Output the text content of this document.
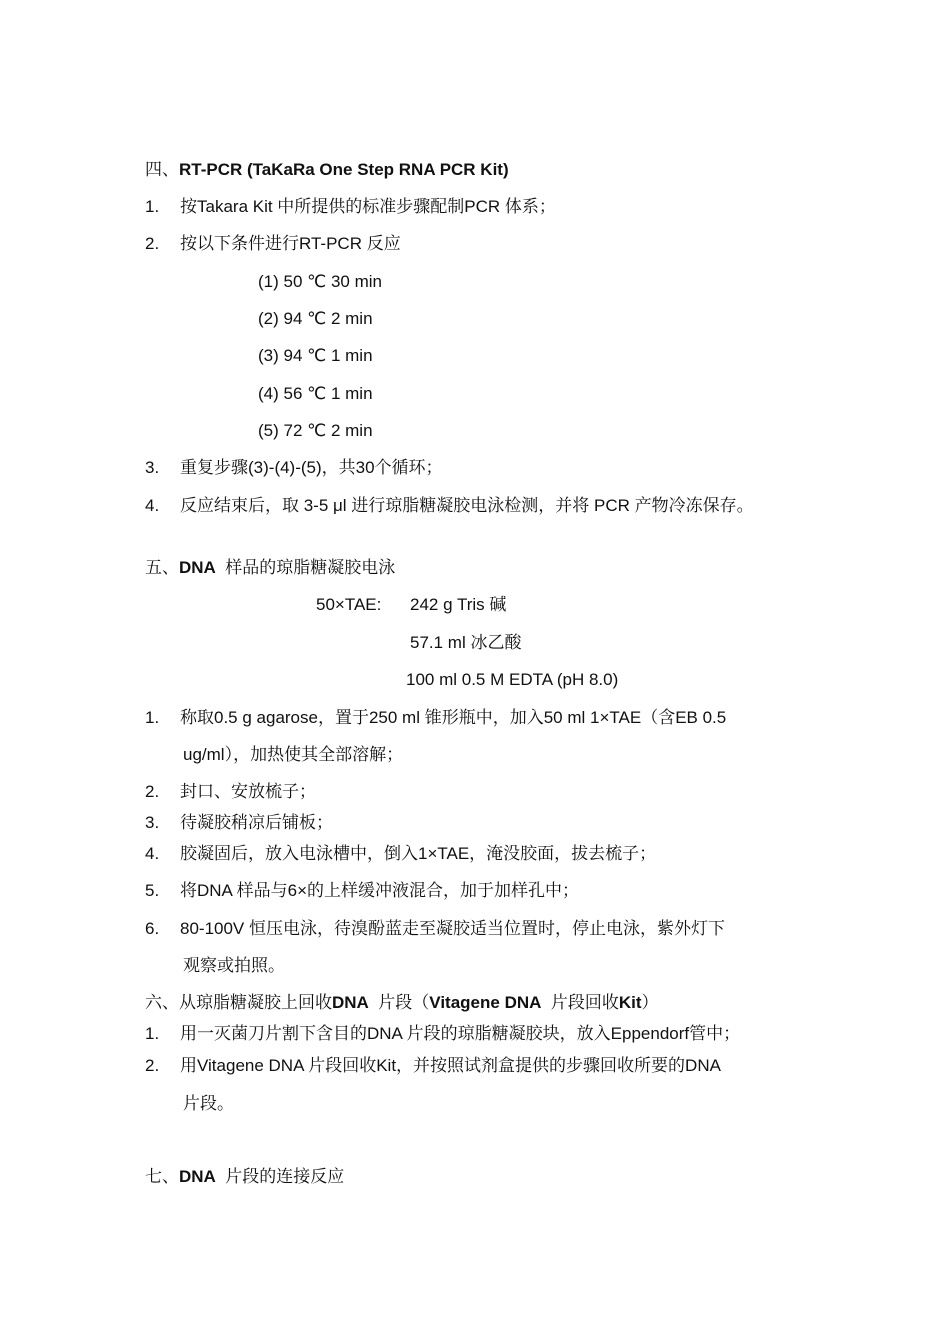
四、RT-PCR (TaKaRa One Step RNA PCR Kit)
1. 按Takara Kit 中所提供的标准步骤配制PCR 体系；
2. 按以下条件进行RT-PCR 反应
(1) 50 ℃ 30 min
(2) 94 ℃ 2 min
(3) 94 ℃ 1 min
(4) 56 ℃ 1 min
(5) 72 ℃ 2 min
3. 重复步骤(3)-(4)-(5)，共30个循环；
4. 反应结束后，取 3-5 μl 进行琼脂糖凝胶电泳检测，并将 PCR 产物冷冻保存。
五、DNA  样品的琼脂糖凝胶电泳
50×TAE: 242 g Tris 碱
57.1 ml 冰乙酸
100 ml 0.5 M EDTA (pH 8.0)
1. 称取0.5 g agarose，置于250 ml 锥形瓶中，加入50 ml 1×TAE（含EB 0.5
ug/ml），加热使其全部溶解；
2. 封口、安放梳子；
3. 待凝胶稍凉后铺板；
4. 胶凝固后，放入电泳槽中，倒入1×TAE，淹没胶面，拔去梳子；
5. 将DNA 样品与6×的上样缓冲液混合，加于加样孔中；
6. 80-100V 恒压电泳，待溴酚蓝走至凝胶适当位置时，停止电泳，紫外灯下
观察或拍照。
六、从琼脂糖凝胶上回收DNA  片段（Vitagene DNA  片段回收Kit）
1. 用一灭菌刀片割下含目的DNA 片段的琼脂糖凝胶块，放入Eppendorf管中；
2. 用Vitagene DNA 片段回收Kit，并按照试剂盒提供的步骤回收所要的DNA
片段。
七、DNA  片段的连接反应
